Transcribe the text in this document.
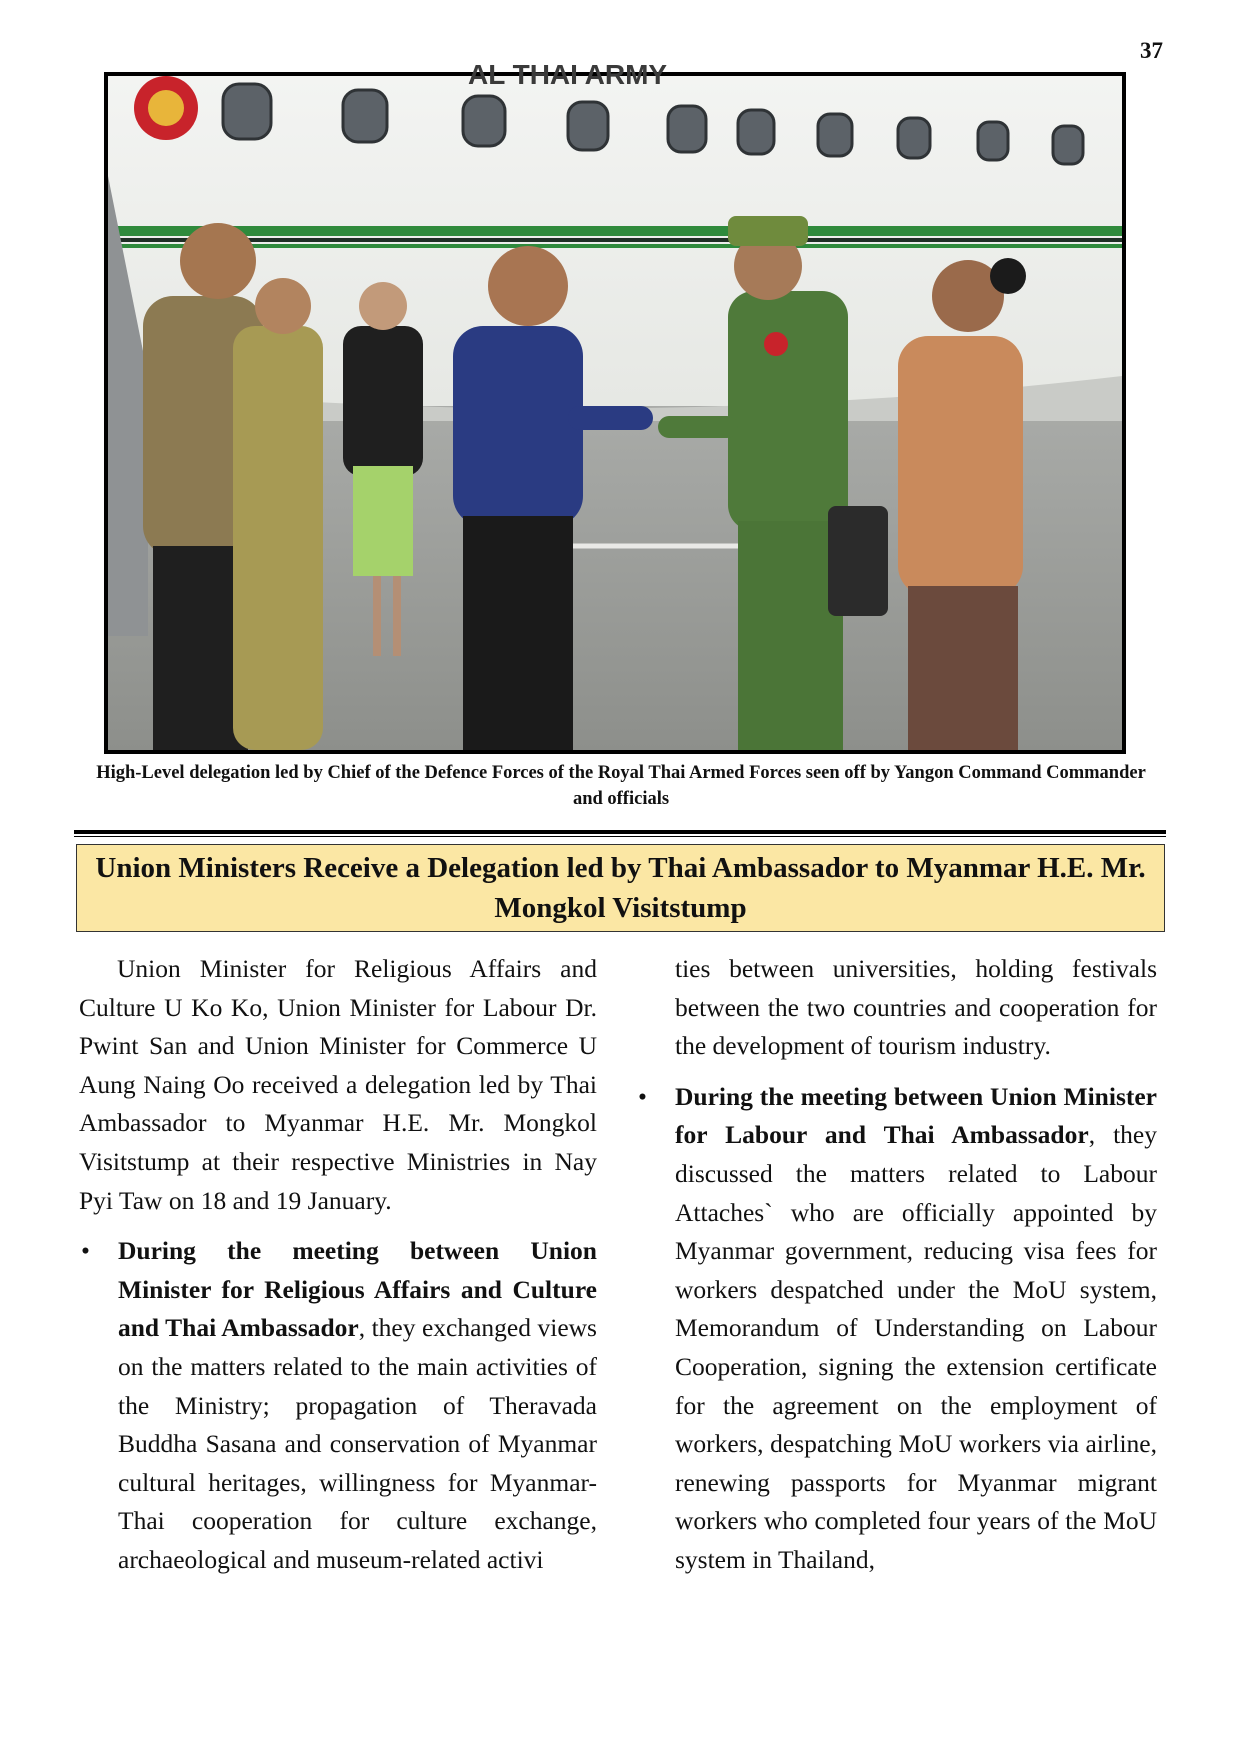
37
AL THAI ARMY
High-Level delegation led by Chief of the Defence Forces of the Royal Thai Armed Forces seen off by Yangon Command Commander and officials
Union Ministers Receive a Delegation led by Thai Ambassador to Myanmar H.E. Mr. Mongkol Visitstump

Union Minister for Religious Affairs and Culture U Ko Ko, Union Minister for Labour Dr. Pwint San and Union Minister for Commerce U Aung Naing Oo received a delegation led by Thai Ambassador to Myanmar H.E. Mr. Mongkol Visitstump at their respective Ministries in Nay Pyi Taw on 18 and 19 January.

• During the meeting between Union Minister for Religious Affairs and Culture and Thai Ambassador, they exchanged views on the matters related to the main activities of the Ministry; propagation of Theravada Buddha Sasana and conservation of Myanmar cultural heritages, willingness for Myanmar-Thai cooperation for culture exchange, archaeological and museum-related activi

ties between universities, holding festivals between the two countries and cooperation for the development of tourism industry.

• During the meeting between Union Minister for Labour and Thai Ambassador, they discussed the matters related to Labour Attaches` who are officially appointed by Myanmar government, reducing visa fees for workers despatched under the MoU system, Memorandum of Understanding on Labour Cooperation, signing the extension certificate for the agreement on the employment of workers, despatching MoU workers via airline, renewing passports for Myanmar migrant workers who completed four years of the MoU system in Thailand,
